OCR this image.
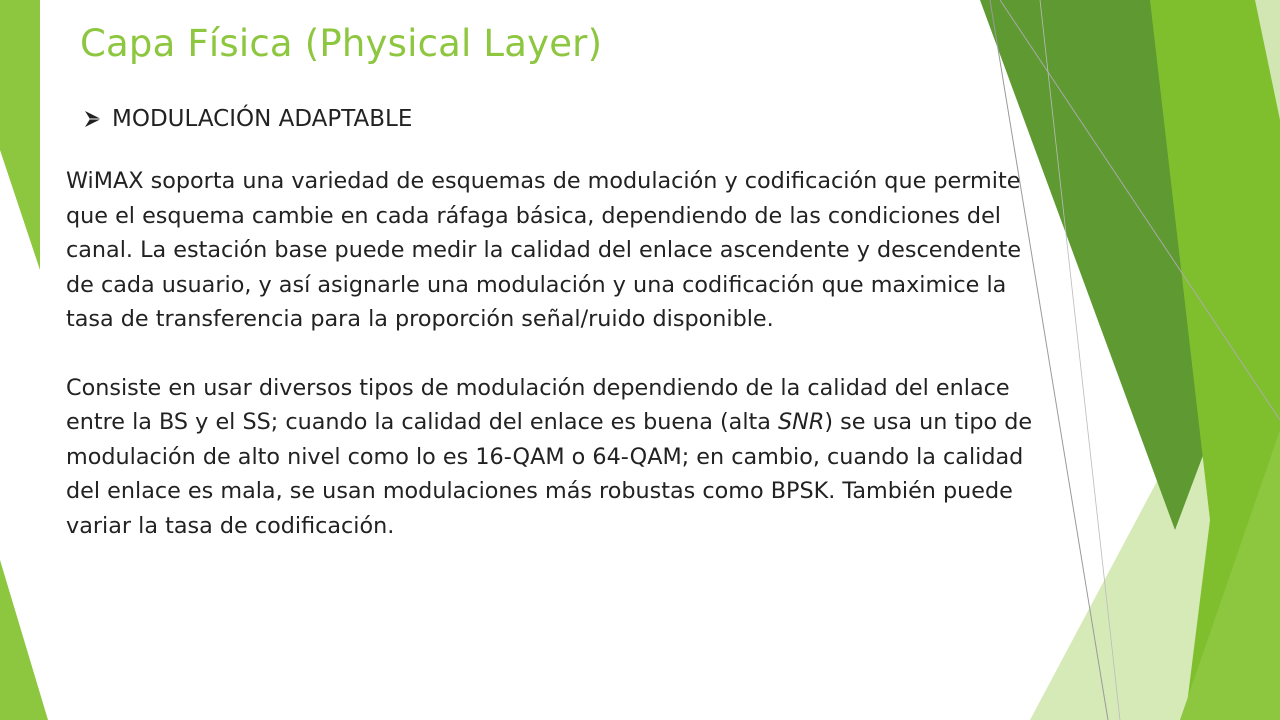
Capa Física (Physical Layer)
MODULACIÓN ADAPTABLE

WiMAX soporta una variedad de esquemas de modulación y codificación que permite que el esquema cambie en cada ráfaga básica, dependiendo de las condiciones del canal. La estación base puede medir la calidad del enlace ascendente y descendente de cada usuario, y así asignarle una modulación y una codificación que maximice la tasa de transferencia para la proporción señal/ruido disponible.

Consiste en usar diversos tipos de modulación dependiendo de la calidad del enlace entre la BS y el SS; cuando la calidad del enlace es buena (alta SNR) se usa un tipo de modulación de alto nivel como lo es 16-QAM o 64-QAM; en cambio, cuando la calidad del enlace es mala, se usan modulaciones más robustas como BPSK. También puede variar la tasa de codificación.
